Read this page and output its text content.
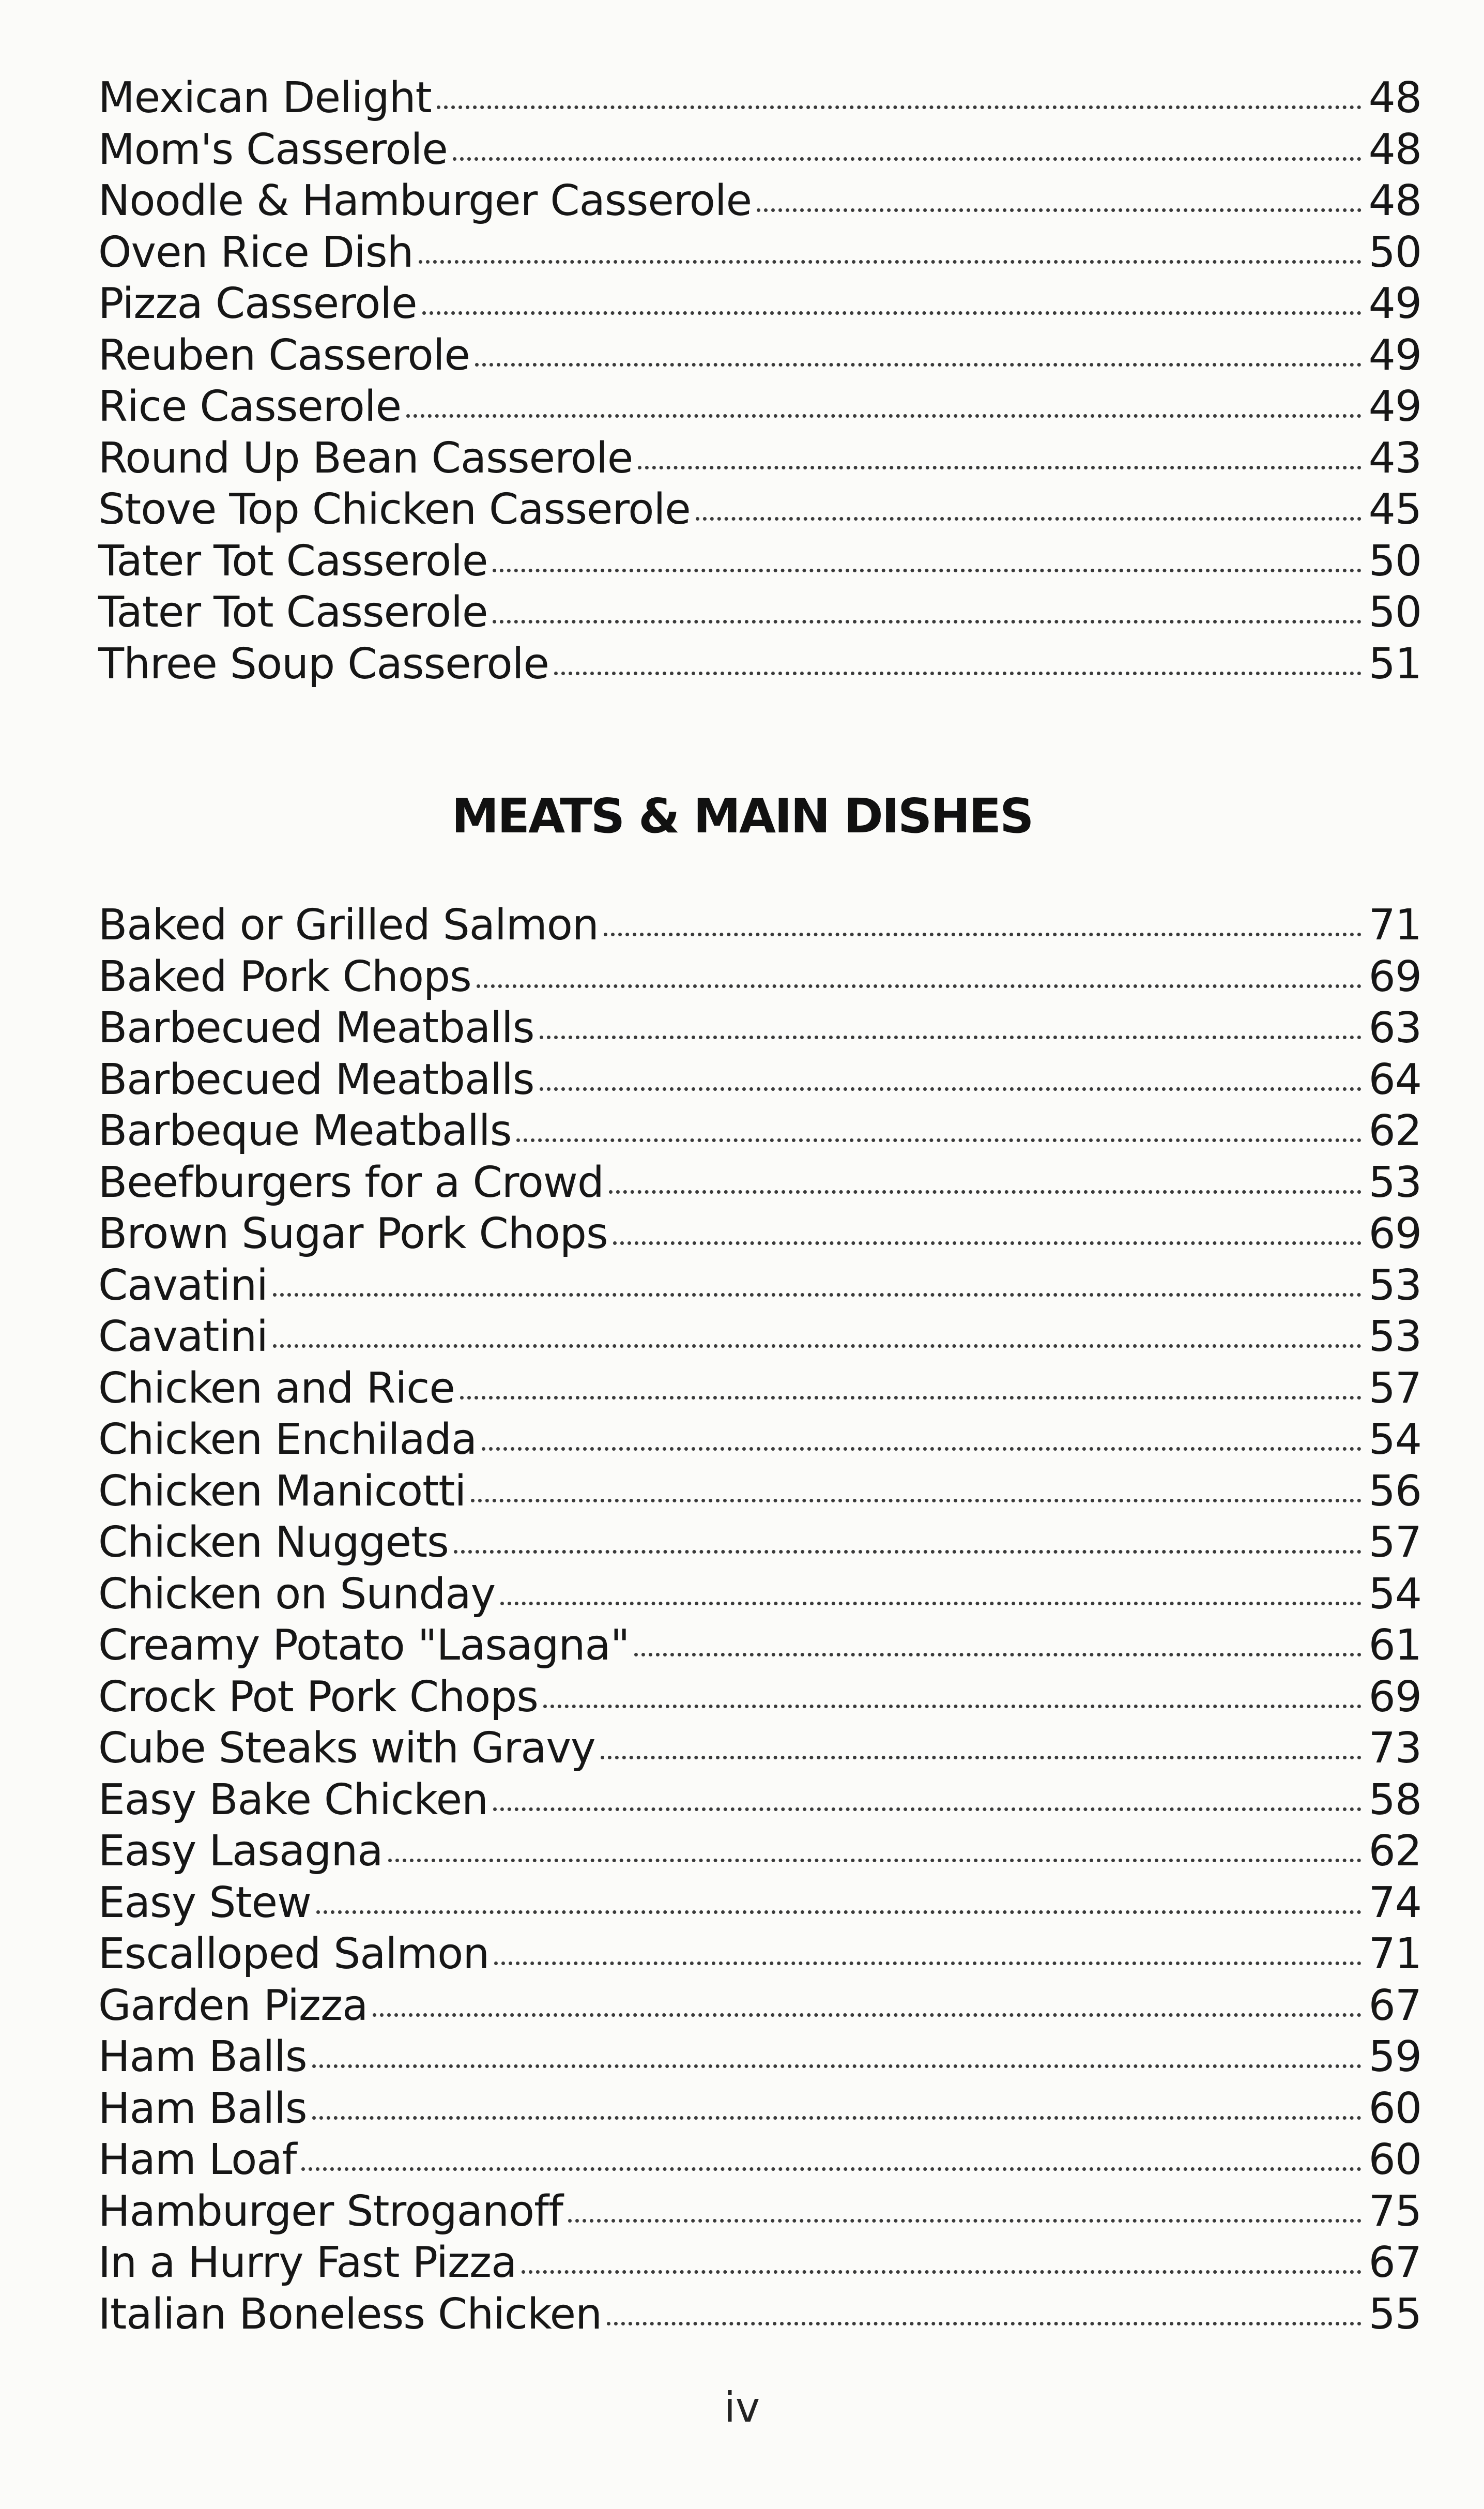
Mexican Delight	48
Mom's Casserole	48
Noodle & Hamburger Casserole	48
Oven Rice Dish	50
Pizza Casserole	49
Reuben Casserole	49
Rice Casserole	49
Round Up Bean Casserole	43
Stove Top Chicken Casserole	45
Tater Tot Casserole	50
Tater Tot Casserole	50
Three Soup Casserole	51
MEATS & MAIN DISHES
Baked or Grilled Salmon	71
Baked Pork Chops	69
Barbecued Meatballs	63
Barbecued Meatballs	64
Barbeque Meatballs	62
Beefburgers for a Crowd	53
Brown Sugar Pork Chops	69
Cavatini	53
Cavatini	53
Chicken and Rice	57
Chicken Enchilada	54
Chicken Manicotti	56
Chicken Nuggets	57
Chicken on Sunday	54
Creamy Potato "Lasagna"	61
Crock Pot Pork Chops	69
Cube Steaks with Gravy	73
Easy Bake Chicken	58
Easy Lasagna	62
Easy Stew	74
Escalloped Salmon	71
Garden Pizza	67
Ham Balls	59
Ham Balls	60
Ham Loaf	60
Hamburger Stroganoff	75
In a Hurry Fast Pizza	67
Italian Boneless Chicken	55
iv
